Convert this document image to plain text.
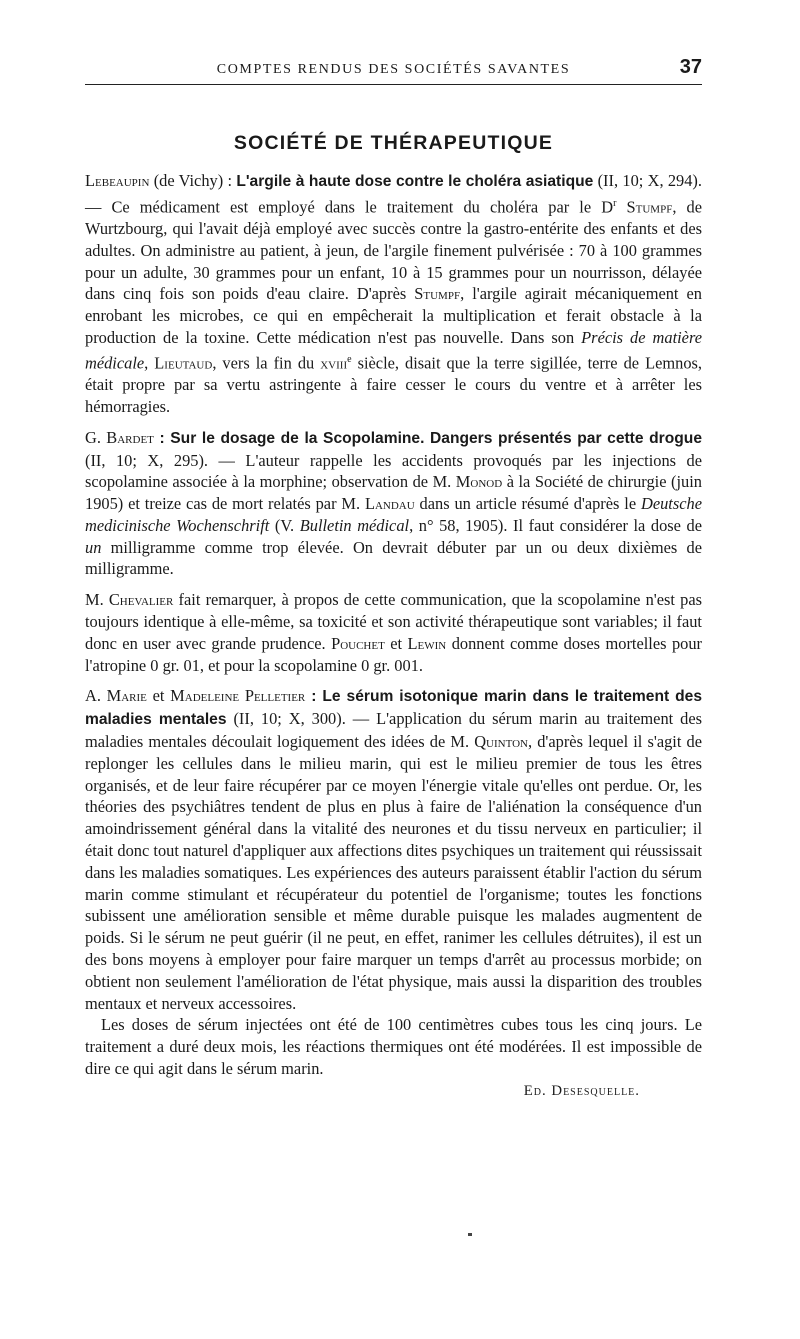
COMPTES RENDUS DES SOCIÉTÉS SAVANTES	37
SOCIÉTÉ DE THÉRAPEUTIQUE

Lebeaupin (de Vichy) : L'argile à haute dose contre le choléra asiatique (II, 10; X, 294). — Ce médicament est employé dans le traitement du choléra par le $D^r$ Stumpf, de Wurtzbourg, qui l'avait déjà employé avec succès contre la gastro-entérite des enfants et des adultes. On administre au patient, à jeun, de l'argile finement pulvérisée : 70 à 100 grammes pour un adulte, 30 grammes pour un enfant, 10 à 15 grammes pour un nourrisson, délayée dans cinq fois son poids d'eau claire. D'après Stumpf, l'argile agirait mécaniquement en enrobant les microbes, ce qui en empêcherait la multiplication et ferait obstacle à la production de la toxine. Cette médication n'est pas nouvelle. Dans son Précis de matière médicale, Lieutaud, vers la fin du xviii$^e$ siècle, disait que la terre sigillée, terre de Lemnos, était propre par sa vertu astringente à faire cesser le cours du ventre et à arrêter les hémorragies.

G. Bardet : Sur le dosage de la Scopolamine. Dangers présentés par cette drogue (II, 10; X, 295). — L'auteur rappelle les accidents provoqués par les injections de scopolamine associée à la morphine; observation de M. Monod à la Société de chirurgie (juin 1905) et treize cas de mort relatés par M. Landau dans un article résumé d'après le Deutsche medicinische Wochenschrift (V. Bulletin médical, n° 58, 1905). Il faut considérer la dose de un milligramme comme trop élevée. On devrait débuter par un ou deux dixièmes de milligramme.

M. Chevalier fait remarquer, à propos de cette communication, que la scopolamine n'est pas toujours identique à elle-même, sa toxicité et son activité thérapeutique sont variables; il faut donc en user avec grande prudence. Pouchet et Lewin donnent comme doses mortelles pour l'atropine 0 gr. 01, et pour la scopolamine 0 gr. 001.

A. Marie et Madeleine Pelletier : Le sérum isotonique marin dans le traitement des maladies mentales (II, 10; X, 300). — L'application du sérum marin au traitement des maladies mentales découlait logiquement des idées de M. Quinton, d'après lequel il s'agit de replonger les cellules dans le milieu marin, qui est le milieu premier de tous les êtres organisés, et de leur faire récupérer par ce moyen l'énergie vitale qu'elles ont perdue. Or, les théories des psychiâtres tendent de plus en plus à faire de l'aliénation la conséquence d'un amoindrissement général dans la vitalité des neurones et du tissu nerveux en particulier; il était donc tout naturel d'appliquer aux affections dites psychiques un traitement qui réussissait dans les maladies somatiques. Les expériences des auteurs paraissent établir l'action du sérum marin comme stimulant et récupérateur du potentiel de l'organisme; toutes les fonctions subissent une amélioration sensible et même durable puisque les malades augmentent de poids. Si le sérum ne peut guérir (il ne peut, en effet, ranimer les cellules détruites), il est un des bons moyens à employer pour faire marquer un temps d'arrêt au processus morbide; on obtient non seulement l'amélioration de l'état physique, mais aussi la disparition des troubles mentaux et nerveux accessoires.

Les doses de sérum injectées ont été de 100 centimètres cubes tous les cinq jours. Le traitement a duré deux mois, les réactions thermiques ont été modérées. Il est impossible de dire ce qui agit dans le sérum marin.

Ed. Desesquelle.
